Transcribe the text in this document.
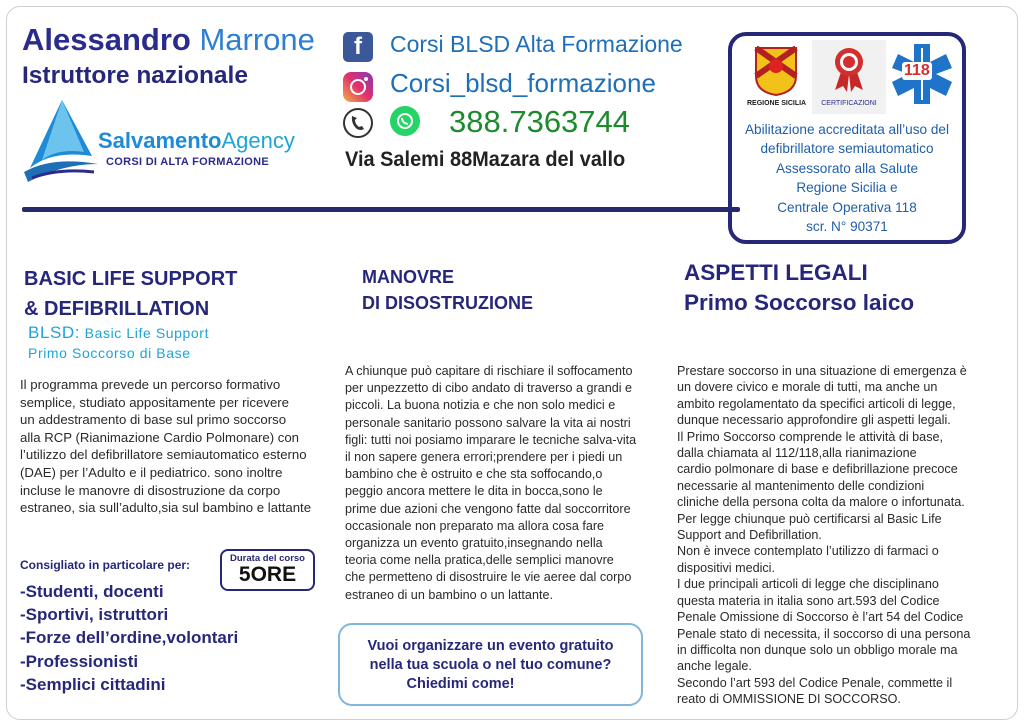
Alessandro Marrone
Istruttore nazionale
SalvamentoAgency
CORSI DI ALTA FORMAZIONE
f	Corsi BLSD Alta Formazione
Corsi_blsd_formazione
388.7363744
Via Salemi 88Mazara del vallo
REGIONE SICILIA	CERTIFICAZIONI
118
Abilitazione accreditata all’uso del
defibrillatore semiautomatico
Assessorato alla Salute
Regione Sicilia e
Centrale Operativa 118
scr. N° 90371
BASIC LIFE SUPPORT
& DEFIBRILLATION
BLSD: Basic Life Support
Primo Soccorso di Base
Il programma prevede un percorso formativo
semplice, studiato appositamente per ricevere
un addestramento di base sul primo soccorso
alla RCP (Rianimazione Cardio Polmonare) con
l’utilizzo del defibrillatore semiautomatico esterno
(DAE) per l’Adulto e il pediatrico. sono inoltre
incluse le manovre di disostruzione da corpo
estraneo, sia sull’adulto,sia sul bambino e lattante
Consigliato in particolare per:	Durata del corso
5ORE
-Studenti, docenti
-Sportivi, istruttori
-Forze dell’ordine,volontari
-Professionisti
-Semplici cittadini
MANOVRE
DI DISOSTRUZIONE
A chiunque può capitare di rischiare il soffocamento
per unpezzetto di cibo andato di traverso a grandi e
piccoli. La buona notizia e che non solo medici e
personale sanitario possono salvare la vita ai nostri
figli: tutti noi posiamo imparare le tecniche salva-vita
il non sapere genera errori;prendere per i piedi un
bambino che è ostruito e che sta soffocando,o
peggio ancora mettere le dita in bocca,sono le
prime due azioni che vengono fatte dal soccorritore
occasionale non preparato ma allora cosa fare
organizza un evento gratuito,insegnando nella
teoria come nella pratica,delle semplici manovre
che permetteno di disostruire le vie aeree dal corpo
estraneo di un bambino o un lattante.
Vuoi organizzare un evento gratuito
nella tua scuola o nel tuo comune?
Chiedimi come!
ASPETTI LEGALI
Primo Soccorso laico
Prestare soccorso in una situazione di emergenza è
un dovere civico e morale di tutti, ma anche un
ambito regolamentato da specifici articoli di legge,
dunque necessario approfondire gli aspetti legali.
Il Primo Soccorso comprende le attività di base,
dalla chiamata al 112/118,alla rianimazione
cardio polmonare di base e defibrillazione precoce
necessarie al mantenimento delle condizioni
cliniche della persona colta da malore o infortunata.
Per legge chiunque può certificarsi al Basic Life
Support and Defibrillation.
Non è invece contemplato l’utilizzo di farmaci o
dispositivi medici.
I due principali articoli di legge che disciplinano
questa materia in italia sono art.593 del Codice
Penale Omissione di Soccorso è l’art 54 del Codice
Penale stato di necessita, il soccorso di una persona
in difficolta non dunque solo un obbligo morale ma
anche legale.
Secondo l’art 593 del Codice Penale, commette il
reato di OMMISSIONE DI SOCCORSO.
